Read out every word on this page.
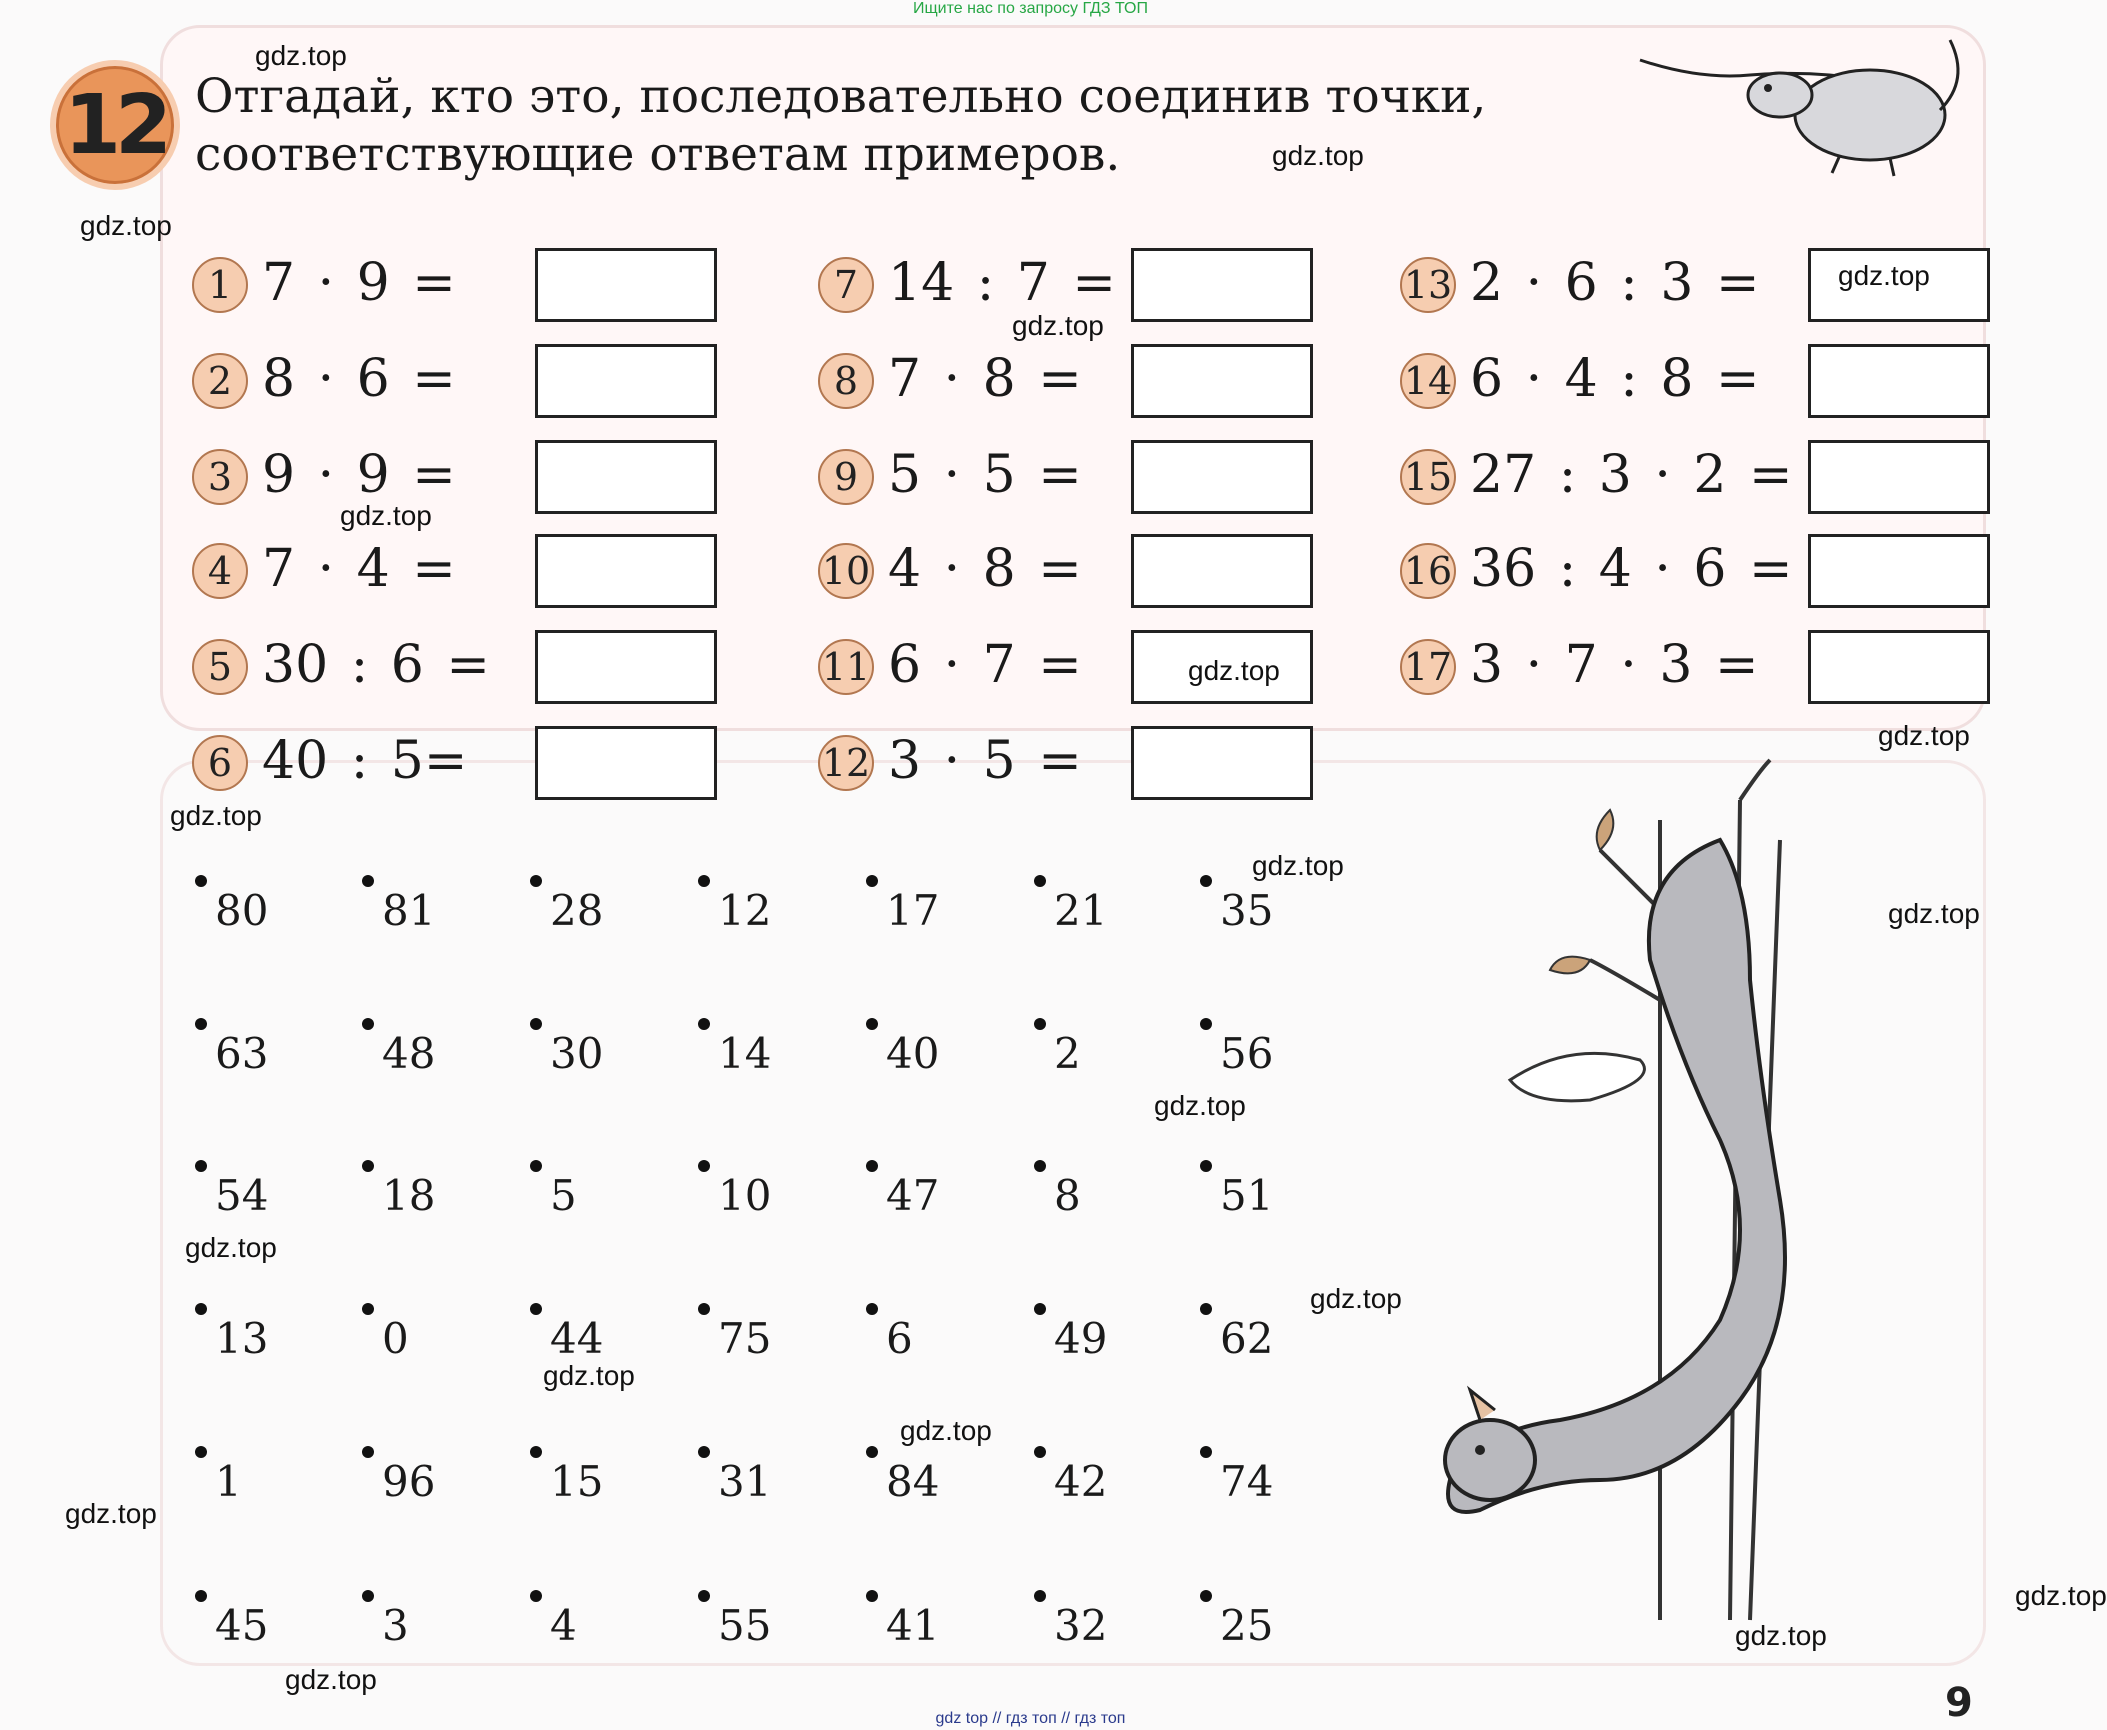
Ищите нас по запросу ГДЗ ТОП
12 Отгадай, кто это, последовательно соединив точки,
соответствующие ответам примеров.
1 7 · 9 =
2 8 · 6 =
3 9 · 9 =
4 7 · 4 =
5 30 : 6 =
6 40 : 5=
7 14 : 7 =
8 7 · 8 =
9 5 · 5 =
10 4 · 8 =
11 6 · 7 =
12 3 · 5 =
13 2 · 6 : 3 =
14 6 · 4 : 8 =
15 27 : 3 · 2 =
16 36 : 4 · 6 =
17 3 · 7 · 3 =
80	81	28	12	17	21	35
63	48	30	14	40	2	56
54	18	5	10	47	8	51
13	0	44	75	6	49	62
1	96	15	31	84	42	74
45	3	4	55	41	32	25
9
gdz.top
gdz.top
gdz.top
gdz.top
gdz.top
gdz.top
gdz.top
gdz.top
gdz.top
gdz.top
gdz.top
gdz.top
gdz.top
gdz.top
gdz.top
gdz.top
gdz.top
gdz.top
gdz.top
gdz.top
gdz top // гдз топ // гдз топ
